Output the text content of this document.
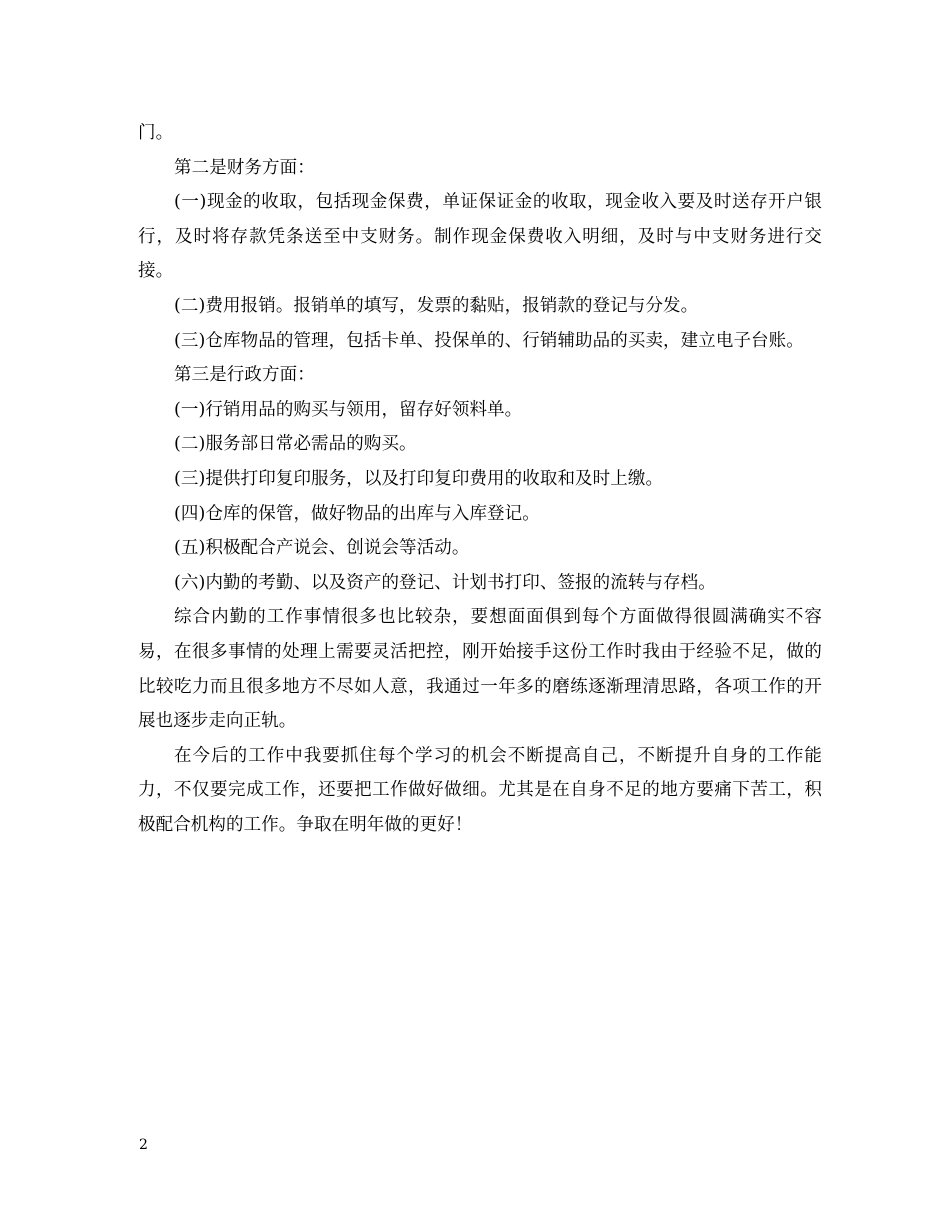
门。

第二是财务方面：

(一)现金的收取，包括现金保费，单证保证金的收取，现金收入要及时送存开户银行，及时将存款凭条送至中支财务。制作现金保费收入明细，及时与中支财务进行交接。

(二)费用报销。报销单的填写，发票的黏贴，报销款的登记与分发。

(三)仓库物品的管理，包括卡单、投保单的、行销辅助品的买卖，建立电子台账。

第三是行政方面：

(一)行销用品的购买与领用，留存好领料单。

(二)服务部日常必需品的购买。

(三)提供打印复印服务，以及打印复印费用的收取和及时上缴。

(四)仓库的保管，做好物品的出库与入库登记。

(五)积极配合产说会、创说会等活动。

(六)内勤的考勤、以及资产的登记、计划书打印、签报的流转与存档。

综合内勤的工作事情很多也比较杂，要想面面俱到每个方面做得很圆满确实不容易，在很多事情的处理上需要灵活把控，刚开始接手这份工作时我由于经验不足，做的比较吃力而且很多地方不尽如人意，我通过一年多的磨练逐渐理清思路，各项工作的开展也逐步走向正轨。

在今后的工作中我要抓住每个学习的机会不断提高自己，不断提升自身的工作能力，不仅要完成工作，还要把工作做好做细。尤其是在自身不足的地方要痛下苦工，积极配合机构的工作。争取在明年做的更好！

2
